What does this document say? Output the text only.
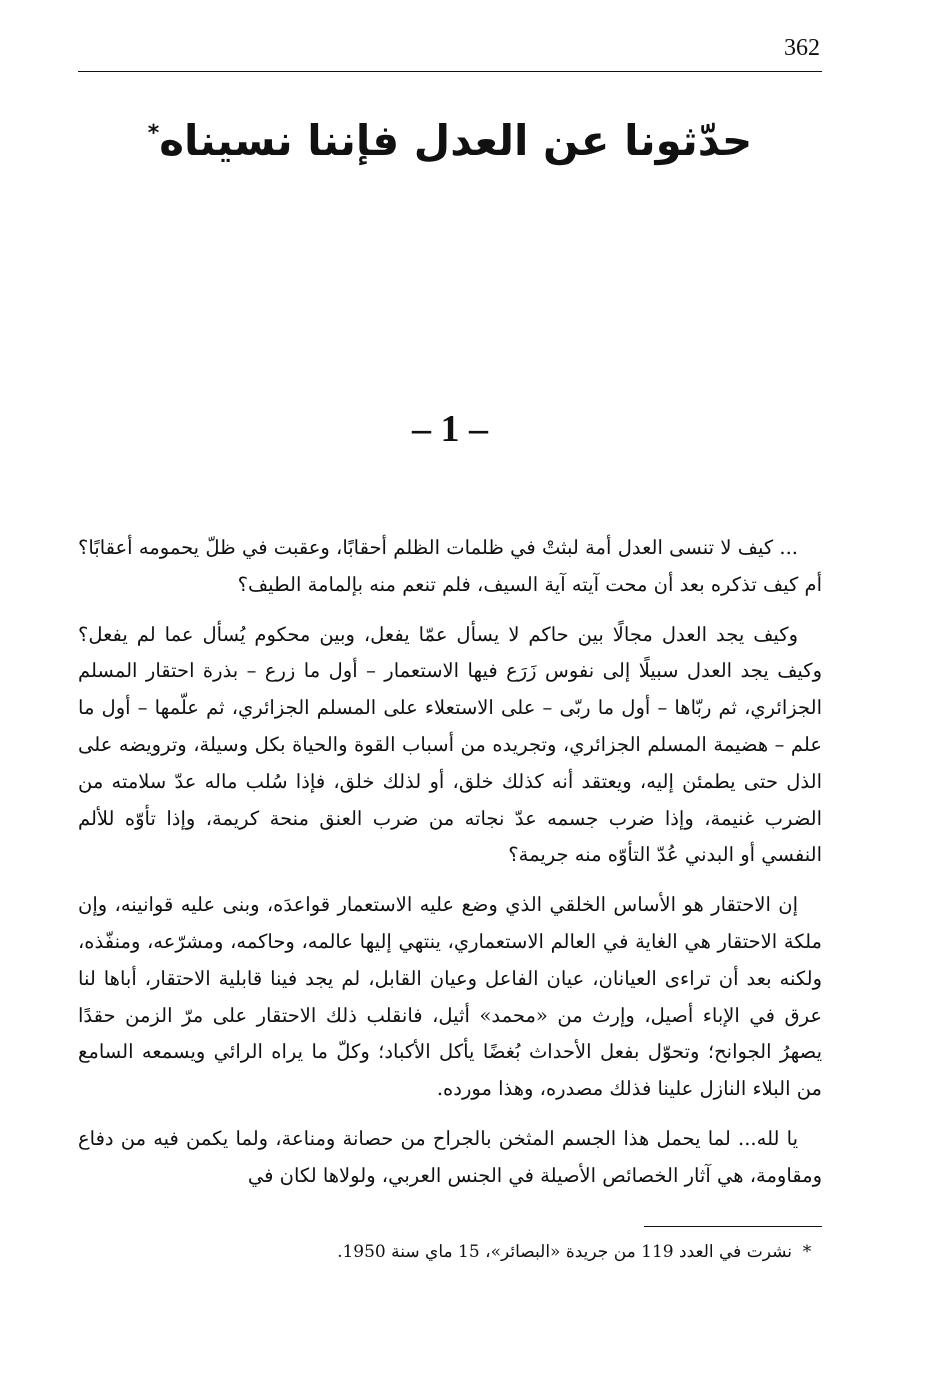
362
حدّثونا عن العدل فإننا نسيناه*
– 1 –

... كيف لا تنسى العدل أمة لبثتْ في ظلمات الظلم أحقابًا، وعقبت في ظلّ يحمومه أعقابًا؟ أم كيف تذكره بعد أن محت آيته آية السيف، فلم تنعم منه بإلمامة الطيف؟

وكيف يجد العدل مجالًا بين حاكم لا يسأل عمّا يفعل، وبين محكوم يُسأل عما لم يفعل؟ وكيف يجد العدل سبيلًا إلى نفوس زَرَع فيها الاستعمار – أول ما زرع – بذرة احتقار المسلم الجزائري، ثم ربّاها – أول ما ربّى – على الاستعلاء على المسلم الجزائري، ثم علّمها – أول ما علم – هضيمة المسلم الجزائري، وتجريده من أسباب القوة والحياة بكل وسيلة، وترويضه على الذل حتى يطمئن إليه، ويعتقد أنه كذلك خلق، أو لذلك خلق، فإذا سُلب ماله عدّ سلامته من الضرب غنيمة، وإذا ضرب جسمه عدّ نجاته من ضرب العنق منحة كريمة، وإذا تأوّه للألم النفسي أو البدني عُدّ التأوّه منه جريمة؟

إن الاحتقار هو الأساس الخلقي الذي وضع عليه الاستعمار قواعدَه، وبنى عليه قوانينه، وإن ملكة الاحتقار هي الغاية في العالم الاستعماري، ينتهي إليها عالمه، وحاكمه، ومشرّعه، ومنفّذه، ولكنه بعد أن تراءى العيانان، عيان الفاعل وعيان القابل، لم يجد فينا قابلية الاحتقار، أباها لنا عرق في الإباء أصيل، وإرث من «محمد» أثيل، فانقلب ذلك الاحتقار على مرّ الزمن حقدًا يصهرُ الجوانح؛ وتحوّل بفعل الأحداث بُغضًا يأكل الأكباد؛ وكلّ ما يراه الرائي ويسمعه السامع من البلاء النازل علينا فذلك مصدره، وهذا مورده.

يا لله... لما يحمل هذا الجسم المثخن بالجراح من حصانة ومناعة، ولما يكمن فيه من دفاع ومقاومة، هي آثار الخصائص الأصيلة في الجنس العربي، ولولاها لكان في

*نشرت في العدد 119 من جريدة «البصائر»، 15 ماي سنة 1950.
